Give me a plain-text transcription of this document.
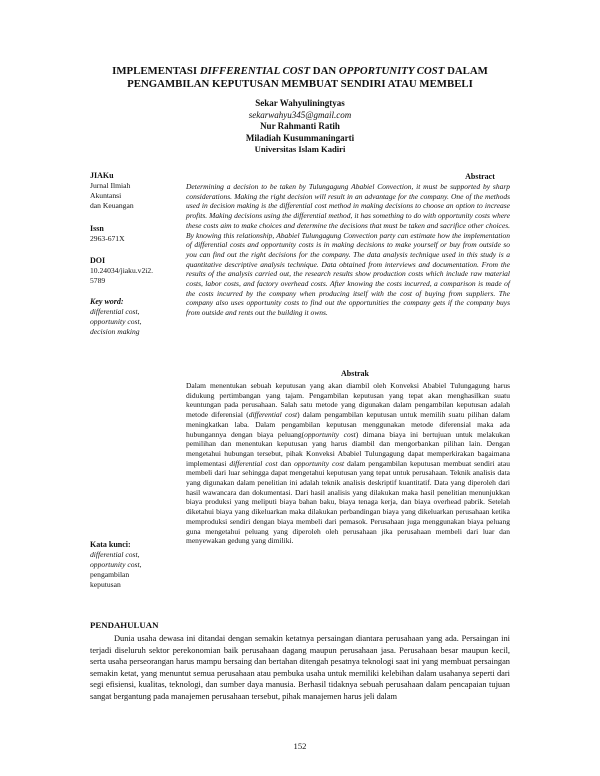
IMPLEMENTASI DIFFERENTIAL COST DAN OPPORTUNITY COST DALAM
PENGAMBILAN KEPUTUSAN MEMBUAT SENDIRI ATAU MEMBELI
Sekar Wahyuliningtyas
sekarwahyu345@gmail.com
Nur Rahmanti Ratih
Miladiah Kusummaningarti
Universitas Islam Kadiri
JIAKu
Jurnal Ilmiah
Akuntansi
dan Keuangan
Issn
2963-671X
DOI
10.24034/jiaku.v2i2.
5789
Key word:
differential cost,
opportunity cost,
decision making
Kata kunci:
differential cost,
opportunity cost,
pengambilan
keputusan
Abstract
Determining a decision to be taken by Tulungagung Ababiel Convection, it must be supported by sharp considerations. Making the right decision will result in an advantage for the company. One of the methods used in decision making is the differential cost method in making decisions to choose an option to increase profits. Making decisions using the differential method, it has something to do with opportunity costs where these costs aim to make choices and determine the decisions that must be taken and sacrifice other choices. By knowing this relationship, Ababiel Tulungagung Convection party can estimate how the implementation of differential costs and opportunity costs is in making decisions to make yourself or buy from outside so you can find out the right decisions for the company. The data analysis technique used in this study is a quantitative descriptive analysis technique. Data obtained from interviews and documentation. From the results of the analysis carried out, the research results show production costs which include raw material costs, labor costs, and factory overhead costs. After knowing the costs incurred, a comparison is made of the costs incurred by the company when producing itself with the cost of buying from suppliers. The company also uses opportunity costs to find out the opportunities the company gets if the company buys from outside and rents out the building it owns.
Abstrak
Dalam menentukan sebuah keputusan yang akan diambil oleh Konveksi Ababiel Tulungagung harus didukung pertimbangan yang tajam. Pengambilan keputusan yang tepat akan menghasilkan suatu keuntungan pada perusahaan. Salah satu metode yang digunakan dalam pengambilan keputusan adalah metode diferensial (differential cost) dalam pengambilan keputusan untuk memilih suatu pilihan dalam meningkatkan laba. Dalam pengambilan keputusan menggunakan metode diferensial maka ada hubungannya dengan biaya peluang(opportunity cost) dimana biaya ini bertujuan untuk melakukan pemilihan dan menentukan keputusan yang harus diambil dan mengorbankan pilihan lain. Dengan mengetahui hubungan tersebut, pihak Konveksi Ababiel Tulungagung dapat memperkirakan bagaimana implementasi differential cost dan opportunity cost dalam pengambilan keputusan membuat sendiri atau membeli dari luar sehingga dapat mengetahui keputusan yang tepat untuk perusahaan. Teknik analisis data yang digunakan dalam penelitian ini adalah teknik analisis deskriptif kuantitatif. Data yang diperoleh dari hasil wawancara dan dokumentasi. Dari hasil analisis yang dilakukan maka hasil penelitian menunjukkan biaya produksi yang meliputi biaya bahan baku, biaya tenaga kerja, dan biaya overhead pabrik. Setelah diketahui biaya yang dikeluarkan maka dilakukan perbandingan biaya yang dikeluarkan perusahaan ketika memproduksi sendiri dengan biaya membeli dari pemasok. Perusahaan juga menggunakan biaya peluang guna mengetahui peluang yang diperoleh oleh perusahaan jika perusahaan membeli dari luar dan menyewakan gedung yang dimiliki.
PENDAHULUAN
Dunia usaha dewasa ini ditandai dengan semakin ketatnya persaingan diantara perusahaan yang ada. Persaingan ini terjadi diseluruh sektor perekonomian baik perusahaan dagang maupun perusahaan jasa. Perusahaan besar maupun kecil, serta usaha perseorangan harus mampu bersaing dan bertahan ditengah pesatnya teknologi saat ini yang membuat persaingan semakin ketat, yang menuntut semua perusahaan atau pembuka usaha untuk memiliki kelebihan dalam usahanya seperti dari segi efisiensi, kualitas, teknologi, dan sumber daya manusia. Berhasil tidaknya sebuah perusahaan dalam pencapaian tujuan sangat bergantung pada manajemen perusahaan tersebut, pihak manajemen harus jeli dalam
152
